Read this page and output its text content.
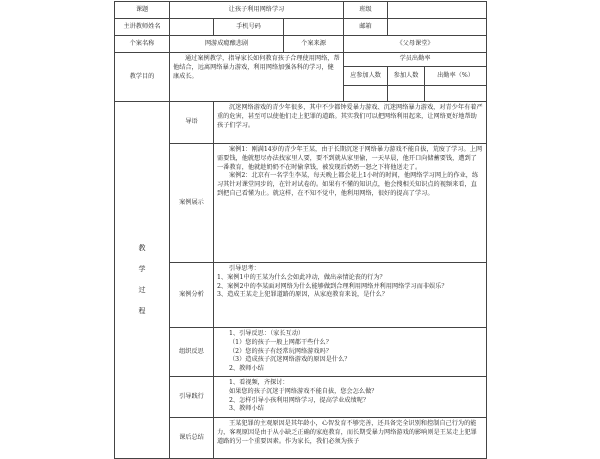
课题	让孩子利用网络学习			班级		
主讲教师姓名		手机号码		邮箱		
个案名称	网游成瘾酿悲剧		个案来源	《父母课堂》		
教学目的	通过案例教学，指导家长如何教育孩子合理使用网络，帮他结合，远离网络暴力游戏，利用网络加强各科的学习，健康成长。			学员出勤率		
				应参加人数	参加人数	出勤率（%）

教
学
过
程	导语	沉迷网络游戏的青少年很多，其中不少都钟爱暴力游戏、沉迷网络暴力游戏，对青少年有着严重的危害，甚至可以使他们走上犯罪的道路。其实我们可以把网络利用起来，让网络更好地帮助孩子们学习。				

	案例展示	案例1：刚满14岁的青少年王某，由于长期沉迷于网络暴力游戏不能自拔，荒废了学习。上网需要钱，他就想尽办法找家里人要，要不到就从家里偷，一天早晨，他开口向储蓄要钱，遭到了一番教育，他就趁奶奶不在时偷拿钱，被发现后奶奶一怒之下将他送走了。

案例2：北京有一名学生李某，每天晚上都会花上1小时的时间，他网络学习网上的作业，练习其针对课堂同步的，在针对试卷的。如果有不懂的知识点，他会搜相关知识点的视频来看，直到把自己看懂为止。就这样，在不知不觉中，他利用网络，很好的提高了学习。				

	案例分析	引导思考：

1、案例1中的王某为什么会如此冲动，做出亲情论丧的行为？

2、案例2中的李某面对网络为什么能够做到合理利用网络并利用网络学习而非娱乐？

3、造成王某走上犯罪道路的原因，从家庭教育来说，是什么？				

	组织反思	1、引导反思：（家长互动）

（1）您的孩子一般上网都干些什么？

（2）您的孩子有经常玩网络游戏吗？

（3）造成孩子沉迷网络游戏的原因是什么？

2、教师小结				

	引导践行	1、看视频，齐探讨：

如果您的孩子沉迷于网络游戏不能自拔，您会怎么做？

2、怎样引导小孩利用网络学习，提高学业成绩呢？

3、教师小结				

	课后总结	王某犯罪的主观原因是其年龄小，心智发育不够完善，还具备完全识别和控制自己行为的能力，客观原因是由于从小缺乏正确的家庭教育，而长期受暴力网络游戏的影响则是王某走上犯罪道路的另一个重要因素。作为家长，我们必须为孩子				
